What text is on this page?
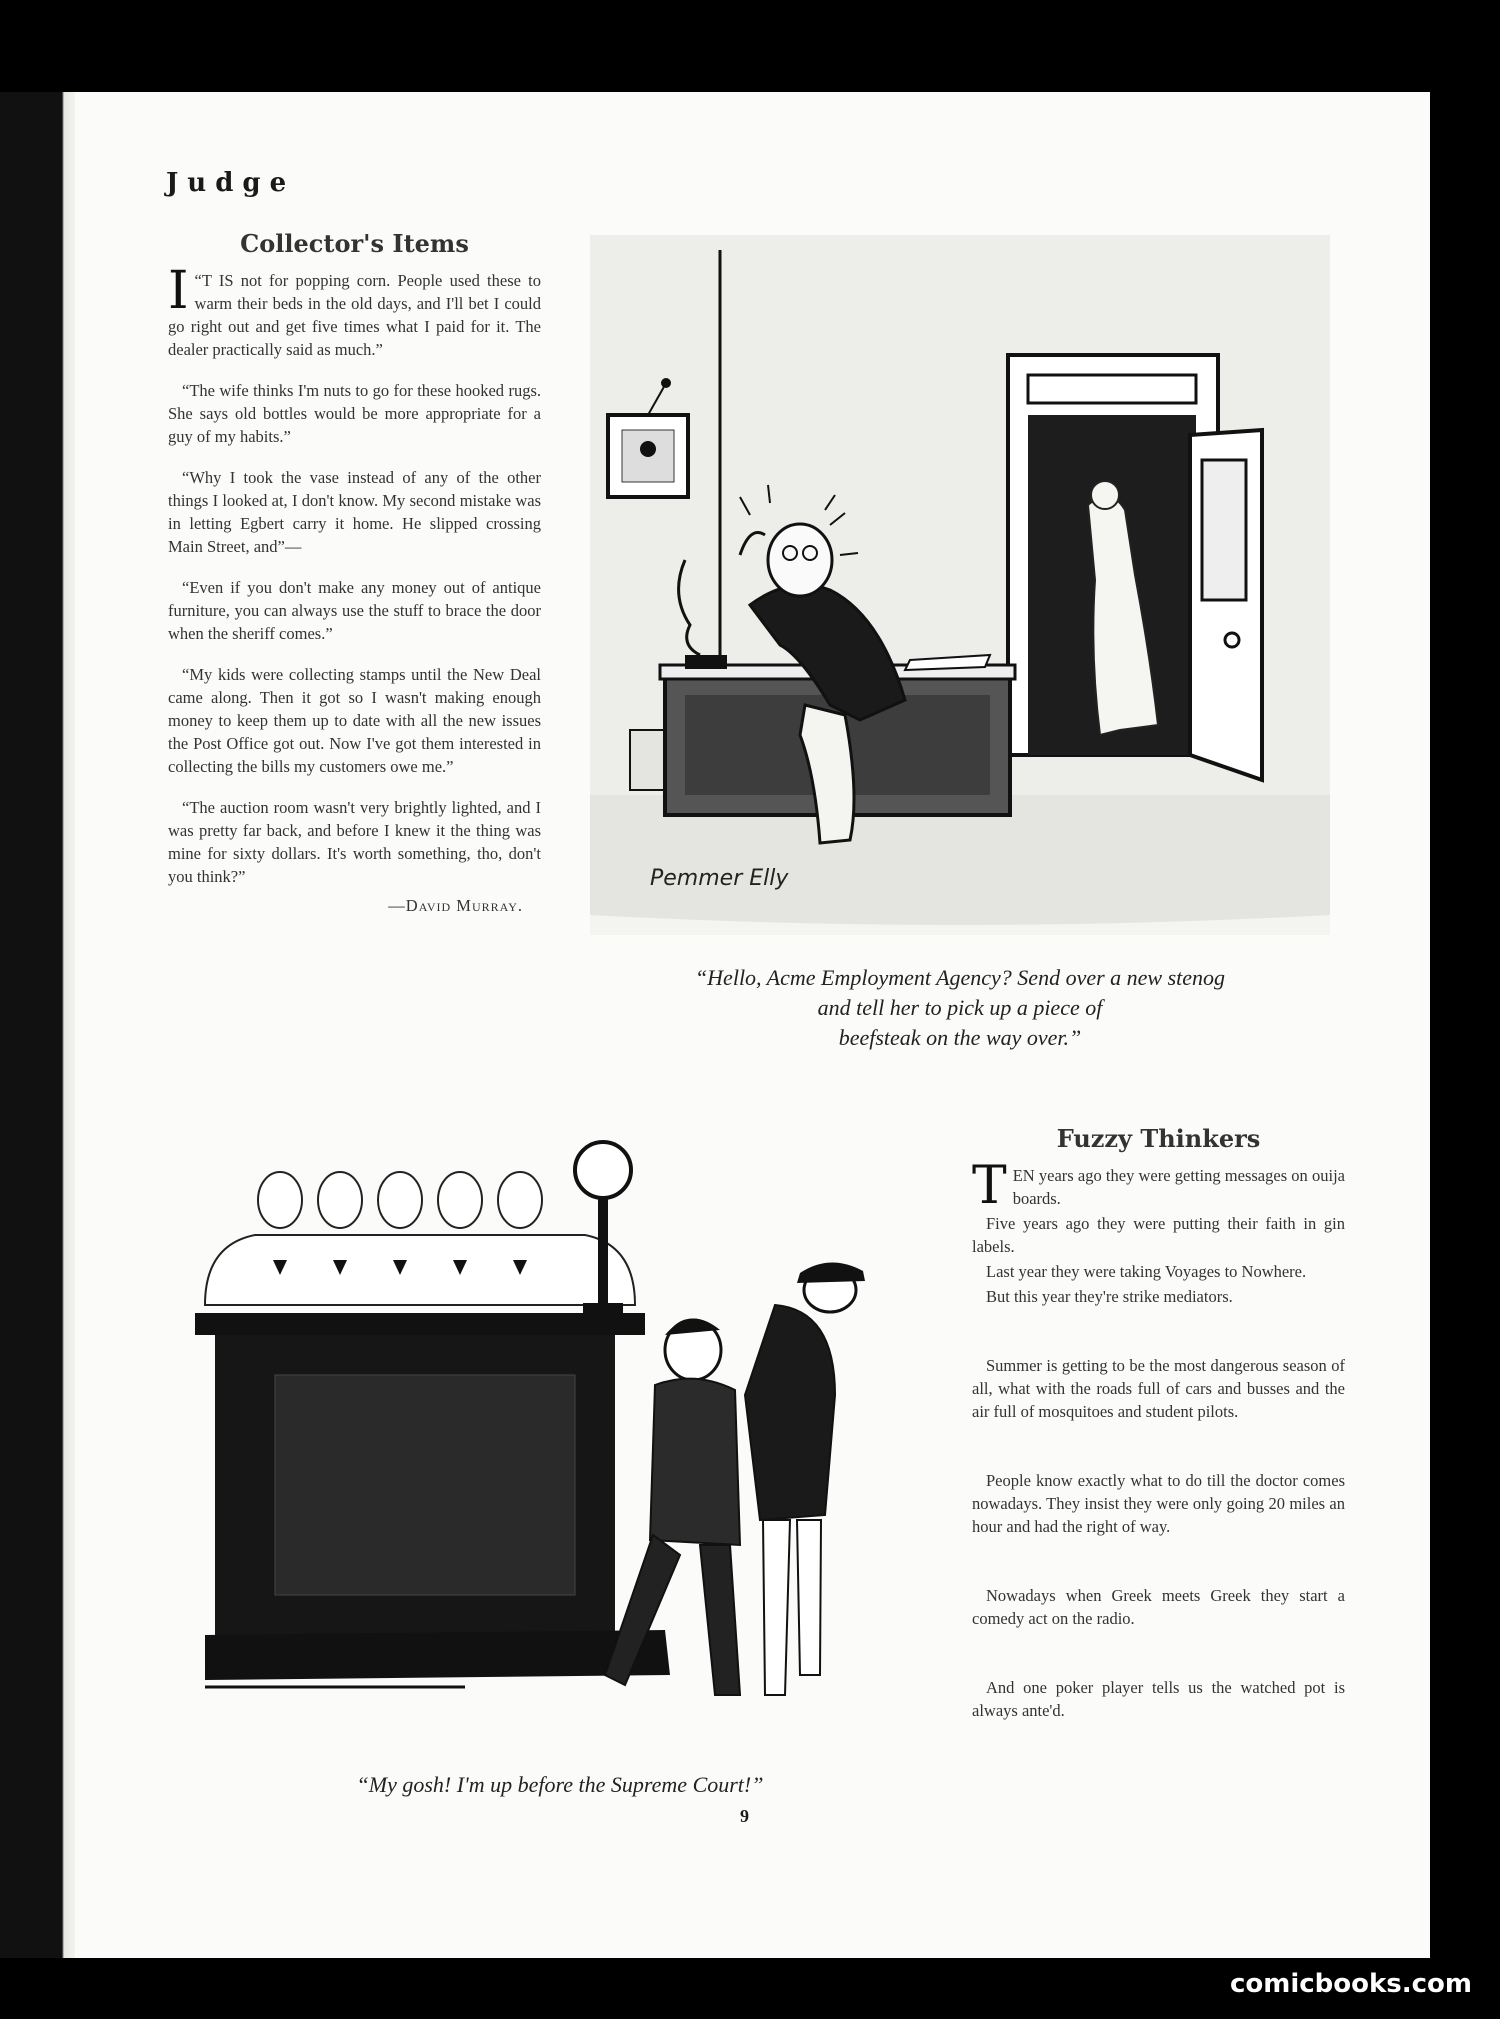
Judge
Collector's Items

I “T IS not for popping corn. People used these to warm their beds in the old days, and I'll bet I could go right out and get five times what I paid for it. The dealer practically said as much.”

“The wife thinks I'm nuts to go for these hooked rugs. She says old bottles would be more appropriate for a guy of my habits.”

“Why I took the vase instead of any of the other things I looked at, I don't know. My second mistake was in letting Egbert carry it home. He slipped crossing Main Street, and”—

“Even if you don't make any money out of antique furniture, you can always use the stuff to brace the door when the sheriff comes.”

“My kids were collecting stamps until the New Deal came along. Then it got so I wasn't making enough money to keep them up to date with all the new issues the Post Office got out. Now I've got them interested in collecting the bills my customers owe me.”

“The auction room wasn't very brightly lighted, and I was pretty far back, and before I knew it the thing was mine for sixty dollars. It's worth something, tho, don't you think?”

—David Murray.
Pemmer Elly
“Hello, Acme Employment Agency? Send over a new stenog
and tell her to pick up a piece of
beefsteak on the way over.”
DUNKEL
“My gosh! I'm up before the Supreme Court!”
Fuzzy Thinkers

TEN years ago they were getting messages on ouija boards.

Five years ago they were putting their faith in gin labels.

Last year they were taking Voyages to Nowhere.

But this year they're strike mediators.

Summer is getting to be the most dangerous season of all, what with the roads full of cars and busses and the air full of mosquitoes and student pilots.

People know exactly what to do till the doctor comes nowadays. They insist they were only going 20 miles an hour and had the right of way.

Nowadays when Greek meets Greek they start a comedy act on the radio.

And one poker player tells us the watched pot is always ante'd.

9
comicbooks.com
